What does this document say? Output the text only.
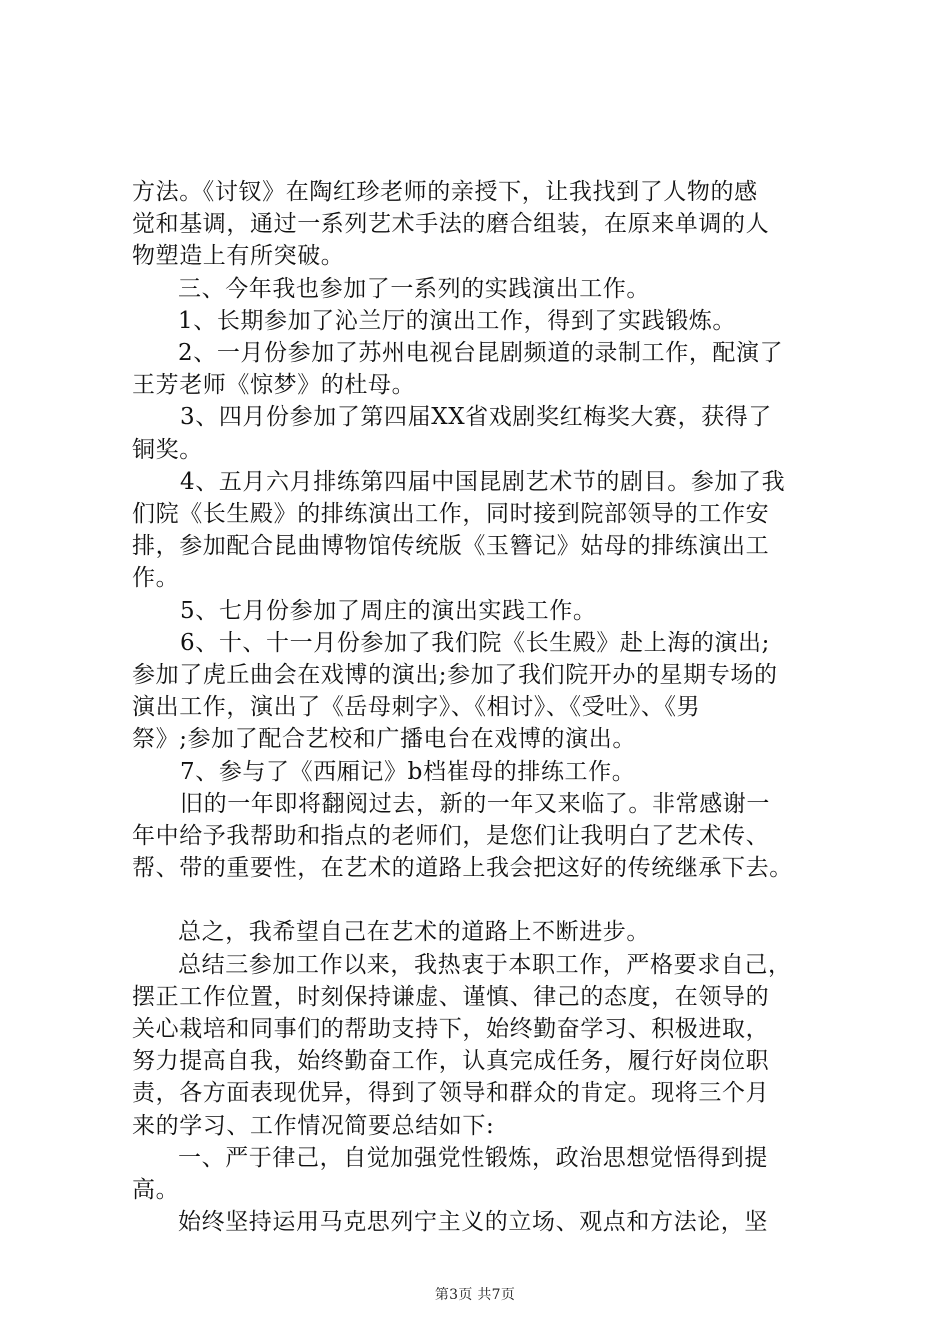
方法。《讨钗》在陶红珍老师的亲授下，让我找到了人物的感

觉和基调，通过一系列艺术手法的磨合组装，在原来单调的人

物塑造上有所突破。

三、今年我也参加了一系列的实践演出工作。

1、长期参加了沁兰厅的演出工作，得到了实践锻炼。

2、一月份参加了苏州电视台昆剧频道的录制工作，配演了

王芳老师《惊梦》的杜母。

3、四月份参加了第四届XX省戏剧奖红梅奖大赛，获得了

铜奖。

4、五月六月排练第四届中国昆剧艺术节的剧目。参加了我

们院《长生殿》的排练演出工作，同时接到院部领导的工作安

排，参加配合昆曲博物馆传统版《玉簪记》姑母的排练演出工

作。

5、七月份参加了周庄的演出实践工作。

6、十、十一月份参加了我们院《长生殿》赴上海的演出;

参加了虎丘曲会在戏博的演出;参加了我们院开办的星期专场的

演出工作，演出了《岳母刺字》、《相讨》、《受吐》、《男

祭》;参加了配合艺校和广播电台在戏博的演出。

7、参与了《西厢记》b档崔母的排练工作。

旧的一年即将翻阅过去，新的一年又来临了。非常感谢一

年中给予我帮助和指点的老师们，是您们让我明白了艺术传、

帮、带的重要性，在艺术的道路上我会把这好的传统继承下去。

总之，我希望自己在艺术的道路上不断进步。

总结三参加工作以来，我热衷于本职工作，严格要求自己，

摆正工作位置，时刻保持谦虚、谨慎、律己的态度，在领导的

关心栽培和同事们的帮助支持下，始终勤奋学习、积极进取，

努力提高自我，始终勤奋工作，认真完成任务，履行好岗位职

责，各方面表现优异，得到了领导和群众的肯定。现将三个月

来的学习、工作情况简要总结如下:

一、严于律己，自觉加强党性锻炼，政治思想觉悟得到提

高。

始终坚持运用马克思列宁主义的立场、观点和方法论，坚

第3页 共7页
